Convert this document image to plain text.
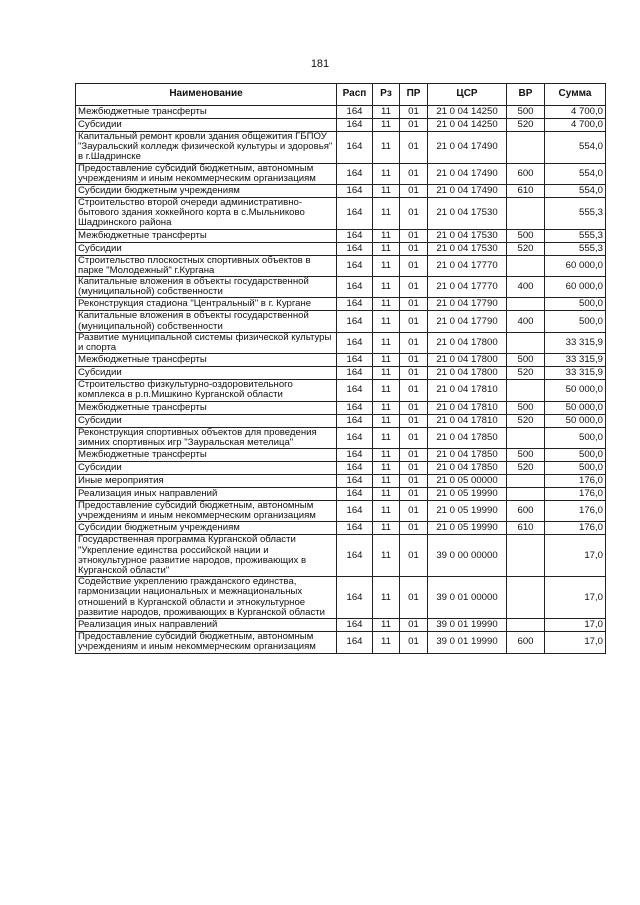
181
Наименование	Расп	Рз	ПР	ЦСР	ВР	Сумма
Межбюджетные трансферты	164	11	01	21 0 04 14250	500	4 700,0
Субсидии	164	11	01	21 0 04 14250	520	4 700,0
Капитальный ремонт кровли здания общежития ГБПОУ "Зауральский колледж физической культуры и здоровья" в г.Шадринске	164	11	01	21 0 04 17490		554,0
Предоставление субсидий бюджетным, автономным учреждениям и иным некоммерческим организациям	164	11	01	21 0 04 17490	600	554,0
Субсидии бюджетным учреждениям	164	11	01	21 0 04 17490	610	554,0
Строительство второй очереди административно-бытового здания хоккейного корта в с.Мыльниково Шадринского района	164	11	01	21 0 04 17530		555,3
Межбюджетные трансферты	164	11	01	21 0 04 17530	500	555,3
Субсидии	164	11	01	21 0 04 17530	520	555,3
Строительство плоскостных спортивных объектов в парке "Молодежный" г.Кургана	164	11	01	21 0 04 17770		60 000,0
Капитальные вложения в объекты государственной (муниципальной) собственности	164	11	01	21 0 04 17770	400	60 000,0
Реконструкция стадиона "Центральный" в г. Кургане	164	11	01	21 0 04 17790		500,0
Капитальные вложения в объекты государственной (муниципальной) собственности	164	11	01	21 0 04 17790	400	500,0
Развитие муниципальной системы физической культуры и спорта	164	11	01	21 0 04 17800		33 315,9
Межбюджетные трансферты	164	11	01	21 0 04 17800	500	33 315,9
Субсидии	164	11	01	21 0 04 17800	520	33 315,9
Строительство физкультурно-оздоровительного комплекса в р.п.Мишкино Курганской области	164	11	01	21 0 04 17810		50 000,0
Межбюджетные трансферты	164	11	01	21 0 04 17810	500	50 000,0
Субсидии	164	11	01	21 0 04 17810	520	50 000,0
Реконструкция спортивных объектов для проведения зимних спортивных игр "Зауральская метелица"	164	11	01	21 0 04 17850		500,0
Межбюджетные трансферты	164	11	01	21 0 04 17850	500	500,0
Субсидии	164	11	01	21 0 04 17850	520	500,0
Иные мероприятия	164	11	01	21 0 05 00000		176,0
Реализация иных направлений	164	11	01	21 0 05 19990		176,0
Предоставление субсидий бюджетным, автономным учреждениям и иным некоммерческим организациям	164	11	01	21 0 05 19990	600	176,0
Субсидии бюджетным учреждениям	164	11	01	21 0 05 19990	610	176,0
Государственная программа Курганской области "Укрепление единства российской нации и этнокультурное развитие народов, проживающих в Курганской области"	164	11	01	39 0 00 00000		17,0
Содействие укреплению гражданского единства, гармонизации национальных и межнациональных отношений в Курганской области и этнокультурное развитие народов, проживающих в Курганской области	164	11	01	39 0 01 00000		17,0
Реализация иных направлений	164	11	01	39 0 01 19990		17,0
Предоставление субсидий бюджетным, автономным учреждениям и иным некоммерческим организациям	164	11	01	39 0 01 19990	600	17,0
